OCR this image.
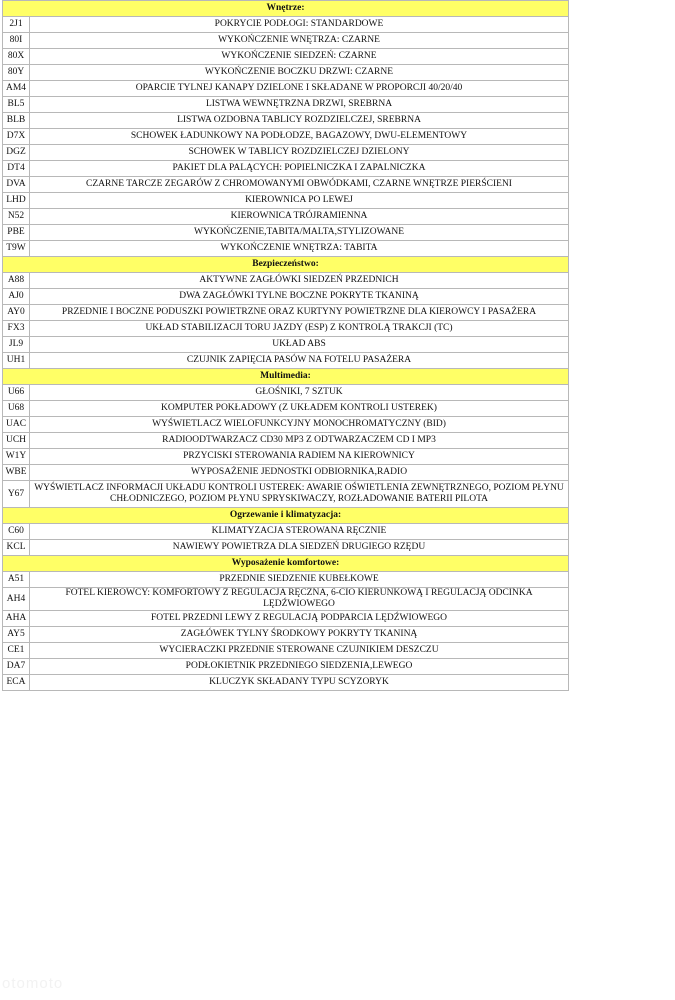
Wnętrze:	
2J1	POKRYCIE PODŁOGI: STANDARDOWE
80I	WYKOŃCZENIE WNĘTRZA: CZARNE
80X	WYKOŃCZENIE SIEDZEŃ: CZARNE
80Y	WYKOŃCZENIE BOCZKU DRZWI: CZARNE
AM4	OPARCIE TYLNEJ KANAPY DZIELONE I SKŁADANE W PROPORCJI 40/20/40
BL5	LISTWA WEWNĘTRZNA DRZWI, SREBRNA
BLB	LISTWA OZDOBNA TABLICY ROZDZIELCZEJ, SREBRNA
D7X	SCHOWEK ŁADUNKOWY NA PODŁODZE, BAGAZOWY, DWU-ELEMENTOWY
DGZ	SCHOWEK W TABLICY ROZDZIELCZEJ DZIELONY
DT4	PAKIET DLA PALĄCYCH: POPIELNICZKA I ZAPALNICZKA
DVA	CZARNE TARCZE ZEGARÓW Z CHROMOWANYMI OBWÓDKAMI, CZARNE WNĘTRZE PIERŚCIENI
LHD	KIEROWNICA PO LEWEJ
N52	KIEROWNICA TRÓJRAMIENNA
PBE	WYKOŃCZENIE,TABITA/MALTA,STYLIZOWANE
T9W	WYKOŃCZENIE WNĘTRZA: TABITA
Bezpieczeństwo:	
A88	AKTYWNE ZAGŁÓWKI SIEDZEŃ PRZEDNICH
AJ0	DWA ZAGŁÓWKI TYLNE BOCZNE POKRYTE TKANINĄ
AY0	PRZEDNIE I BOCZNE PODUSZKI POWIETRZNE ORAZ KURTYNY POWIETRZNE DLA KIEROWCY I PASAŻERA
FX3	UKŁAD STABILIZACJI TORU JAZDY (ESP) Z KONTROLĄ TRAKCJI (TC)
JL9	UKŁAD ABS
UH1	CZUJNIK ZAPIĘCIA PASÓW NA FOTELU PASAŻERA
Multimedia:	
U66	GŁOŚNIKI, 7 SZTUK
U68	KOMPUTER POKŁADOWY (Z UKŁADEM KONTROLI USTEREK)
UAC	WYŚWIETLACZ WIELOFUNKCYJNY MONOCHROMATYCZNY (BID)
UCH	RADIOODTWARZACZ CD30 MP3 Z ODTWARZACZEM CD I MP3
W1Y	PRZYCISKI STEROWANIA RADIEM NA KIEROWNICY
WBE	WYPOSAŻENIE JEDNOSTKI ODBIORNIKA,RADIO
Y67	WYŚWIETLACZ INFORMACJI UKŁADU KONTROLI USTEREK: AWARIE OŚWIETLENIA ZEWNĘTRZNEGO, POZIOM PŁYNU CHŁODNICZEGO, POZIOM PŁYNU SPRYSKIWACZY, ROZŁADOWANIE BATERII PILOTA
Ogrzewanie i klimatyzacja:	
C60	KLIMATYZACJA STEROWANA RĘCZNIE
KCL	NAWIEWY POWIETRZA DLA SIEDZEŃ DRUGIEGO RZĘDU
Wyposażenie komfortowe:	
A51	PRZEDNIE SIEDZENIE KUBEŁKOWE
AH4	FOTEL KIEROWCY: KOMFORTOWY Z REGULACJA RĘCZNA, 6-CIO KIERUNKOWĄ I REGULACJĄ ODCINKA LĘDŹWIOWEGO
AHA	FOTEL PRZEDNI LEWY Z REGULACJĄ PODPARCIA LĘDŹWIOWEGO
AY5	ZAGŁÓWEK TYLNY ŚRODKOWY POKRYTY TKANINĄ
CE1	WYCIERACZKI PRZEDNIE STEROWANE CZUJNIKIEM DESZCZU
DA7	PODŁOKIETNIK PRZEDNIEGO SIEDZENIA,LEWEGO
ECA	KLUCZYK SKŁADANY TYPU SCYZORYK
otomoto
